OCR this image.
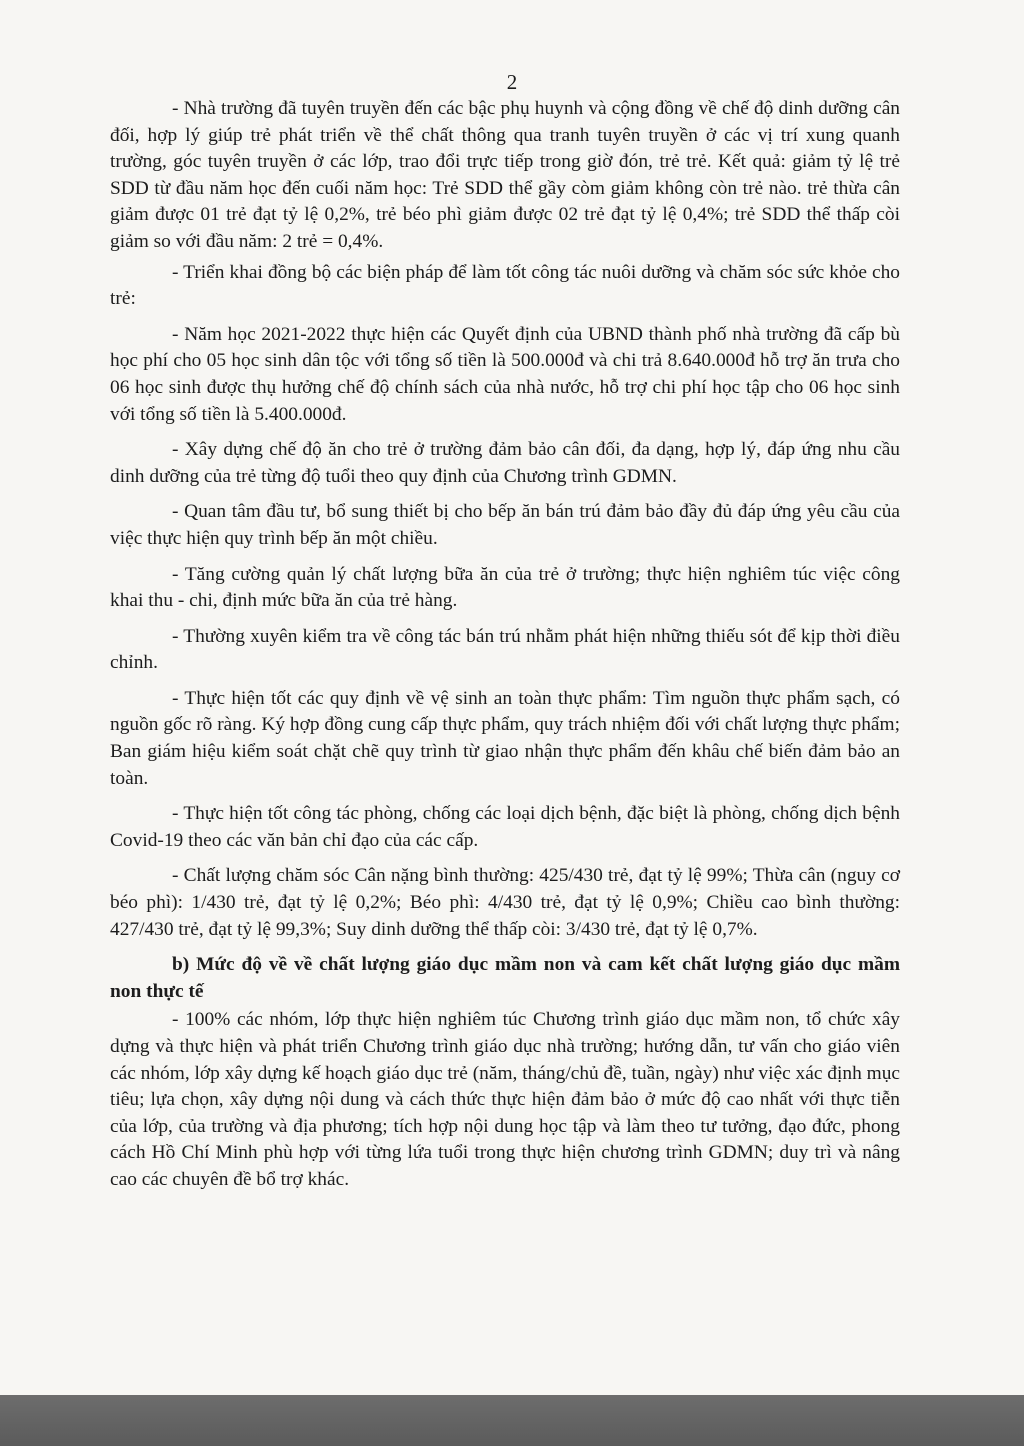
2

- Nhà trường đã tuyên truyền đến các bậc phụ huynh và cộng đồng về chế độ dinh dưỡng cân đối, hợp lý giúp trẻ phát triển về thể chất thông qua tranh tuyên truyền ở các vị trí xung quanh trường, góc tuyên truyền ở các lớp, trao đổi trực tiếp trong giờ đón, trẻ trẻ. Kết quả: giảm tỷ lệ trẻ SDD từ đầu năm học đến cuối năm học: Trẻ SDD thể gầy còm giảm không còn trẻ nào. trẻ thừa cân giảm được 01 trẻ đạt tỷ lệ 0,2%, trẻ béo phì giảm được 02 trẻ đạt tỷ lệ 0,4%; trẻ SDD thể thấp còi giảm so với đầu năm: 2 trẻ = 0,4%.

- Triển khai đồng bộ các biện pháp để làm tốt công tác nuôi dưỡng và chăm sóc sức khỏe cho trẻ:

- Năm học 2021-2022 thực hiện các Quyết định của UBND thành phố nhà trường đã cấp bù học phí cho 05 học sinh dân tộc với tổng số tiền là 500.000đ và chi trả 8.640.000đ hỗ trợ ăn trưa cho 06 học sinh được thụ hưởng chế độ chính sách của nhà nước, hỗ trợ chi phí học tập cho 06 học sinh với tổng số tiền là 5.400.000đ.

- Xây dựng chế độ ăn cho trẻ ở trường đảm bảo cân đối, đa dạng, hợp lý, đáp ứng nhu cầu dinh dưỡng của trẻ từng độ tuổi theo quy định của Chương trình GDMN.

- Quan tâm đầu tư, bổ sung thiết bị cho bếp ăn bán trú đảm bảo đầy đủ đáp ứng yêu cầu của việc thực hiện quy trình bếp ăn một chiều.

- Tăng cường quản lý chất lượng bữa ăn của trẻ ở trường; thực hiện nghiêm túc việc công khai thu - chi, định mức bữa ăn của trẻ hàng.

- Thường xuyên kiểm tra về công tác bán trú nhằm phát hiện những thiếu sót để kịp thời điều chỉnh.

- Thực hiện tốt các quy định về vệ sinh an toàn thực phẩm: Tìm nguồn thực phẩm sạch, có nguồn gốc rõ ràng. Ký hợp đồng cung cấp thực phẩm, quy trách nhiệm đối với chất lượng thực phẩm; Ban giám hiệu kiểm soát chặt chẽ quy trình từ giao nhận thực phẩm đến khâu chế biến đảm bảo an toàn.

- Thực hiện tốt công tác phòng, chống các loại dịch bệnh, đặc biệt là phòng, chống dịch bệnh Covid-19 theo các văn bản chỉ đạo của các cấp.

- Chất lượng chăm sóc Cân nặng bình thường: 425/430 trẻ, đạt tỷ lệ 99%; Thừa cân (nguy cơ béo phì): 1/430 trẻ, đạt tỷ lệ 0,2%; Béo phì: 4/430 trẻ, đạt tỷ lệ 0,9%; Chiều cao bình thường: 427/430 trẻ, đạt tỷ lệ 99,3%; Suy dinh dưỡng thể thấp còi: 3/430 trẻ, đạt tỷ lệ 0,7%.

b) Mức độ về về chất lượng giáo dục mầm non và cam kết chất lượng giáo dục mầm non thực tế

- 100% các nhóm, lớp thực hiện nghiêm túc Chương trình giáo dục mầm non, tổ chức xây dựng và thực hiện và phát triển Chương trình giáo dục nhà trường; hướng dẫn, tư vấn cho giáo viên các nhóm, lớp xây dựng kế hoạch giáo dục trẻ (năm, tháng/chủ đề, tuần, ngày) như việc xác định mục tiêu; lựa chọn, xây dựng nội dung và cách thức thực hiện đảm bảo ở mức độ cao nhất với thực tiễn của lớp, của trường và địa phương; tích hợp nội dung học tập và làm theo tư tưởng, đạo đức, phong cách Hồ Chí Minh phù hợp với từng lứa tuổi trong thực hiện chương trình GDMN; duy trì và nâng cao các chuyên đề bổ trợ khác.
